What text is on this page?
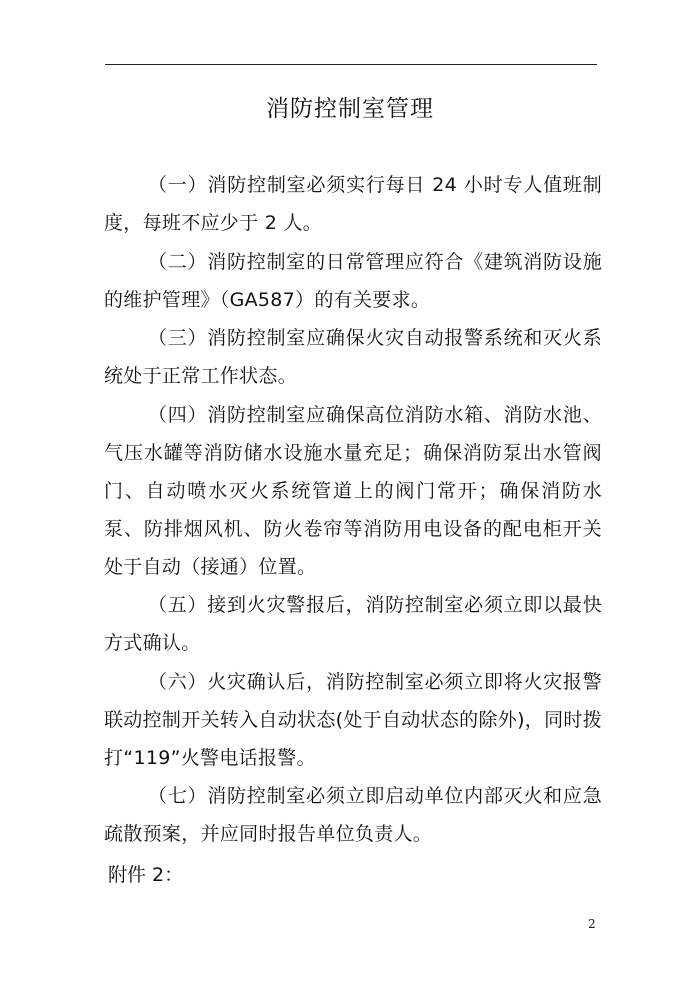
消防控制室管理

（一）消防控制室必须实行每日 24 小时专人值班制度，每班不应少于 2 人。

（二）消防控制室的日常管理应符合《建筑消防设施的维护管理》（GA587）的有关要求。

（三）消防控制室应确保火灾自动报警系统和灭火系统处于正常工作状态。

（四）消防控制室应确保高位消防水箱、消防水池、气压水罐等消防储水设施水量充足；确保消防泵出水管阀门、自动喷水灭火系统管道上的阀门常开；确保消防水泵、防排烟风机、防火卷帘等消防用电设备的配电柜开关处于自动（接通）位置。

（五）接到火灾警报后，消防控制室必须立即以最快方式确认。

（六）火灾确认后，消防控制室必须立即将火灾报警联动控制开关转入自动状态(处于自动状态的除外)，同时拨打“119”火警电话报警。

（七）消防控制室必须立即启动单位内部灭火和应急疏散预案，并应同时报告单位负责人。

附件 2：
2
